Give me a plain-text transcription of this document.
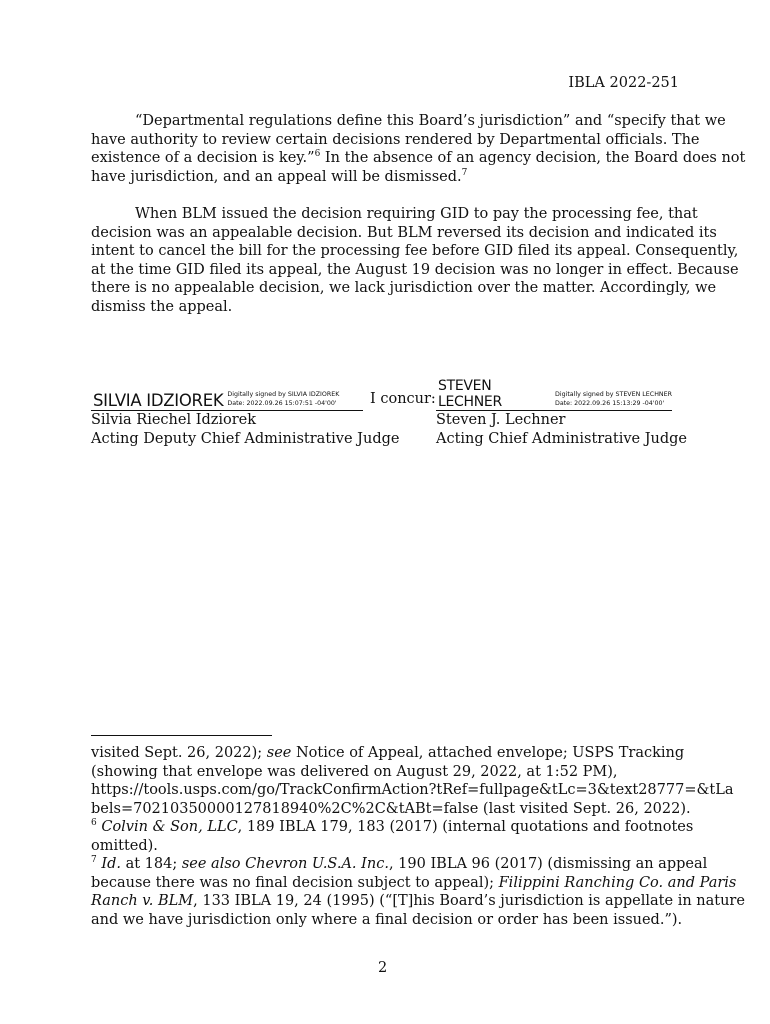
IBLA 2022-251
“Departmental regulations define this Board’s jurisdiction” and “specify that we
have authority to review certain decisions rendered by Departmental officials. The
existence of a decision is key.”$^6$ In the absence of an agency decision, the Board does not
have jurisdiction, and an appeal will be dismissed.$^7$
When BLM issued the decision requiring GID to pay the processing fee, that
decision was an appealable decision. But BLM reversed its decision and indicated its
intent to cancel the bill for the processing fee before GID filed its appeal. Consequently,
at the time GID filed its appeal, the August 19 decision was no longer in effect. Because
there is no appealable decision, we lack jurisdiction over the matter. Accordingly, we
dismiss the appeal.
SILVIA IDZIOREK Digitally signed by SILVIA IDZIOREK
Date: 2022.09.26 15:07:51 -04'00'
Silvia Riechel Idziorek
Acting Deputy Chief Administrative Judge
I concur:
STEVEN LECHNER	Digitally signed by STEVEN LECHNER
Date: 2022.09.26 15:13:29 -04'00'
Steven J. Lechner
Acting Chief Administrative Judge
visited Sept. 26, 2022); see Notice of Appeal, attached envelope; USPS Tracking
(showing that envelope was delivered on August 29, 2022, at 1:52 PM),
https://tools.usps.com/go/TrackConfirmAction?tRef=fullpage&tLc=3&text28777=&tLa
bels=70210350000127818940%2C%2C&tABt=false (last visited Sept. 26, 2022).
$^6$ Colvin & Son, LLC, 189 IBLA 179, 183 (2017) (internal quotations and footnotes
omitted).
$^7$ Id. at 184; see also Chevron U.S.A. Inc., 190 IBLA 96 (2017) (dismissing an appeal
because there was no final decision subject to appeal); Filippini Ranching Co. and Paris
Ranch v. BLM, 133 IBLA 19, 24 (1995) (“[T]his Board’s jurisdiction is appellate in nature
and we have jurisdiction only where a final decision or order has been issued.”).
2
